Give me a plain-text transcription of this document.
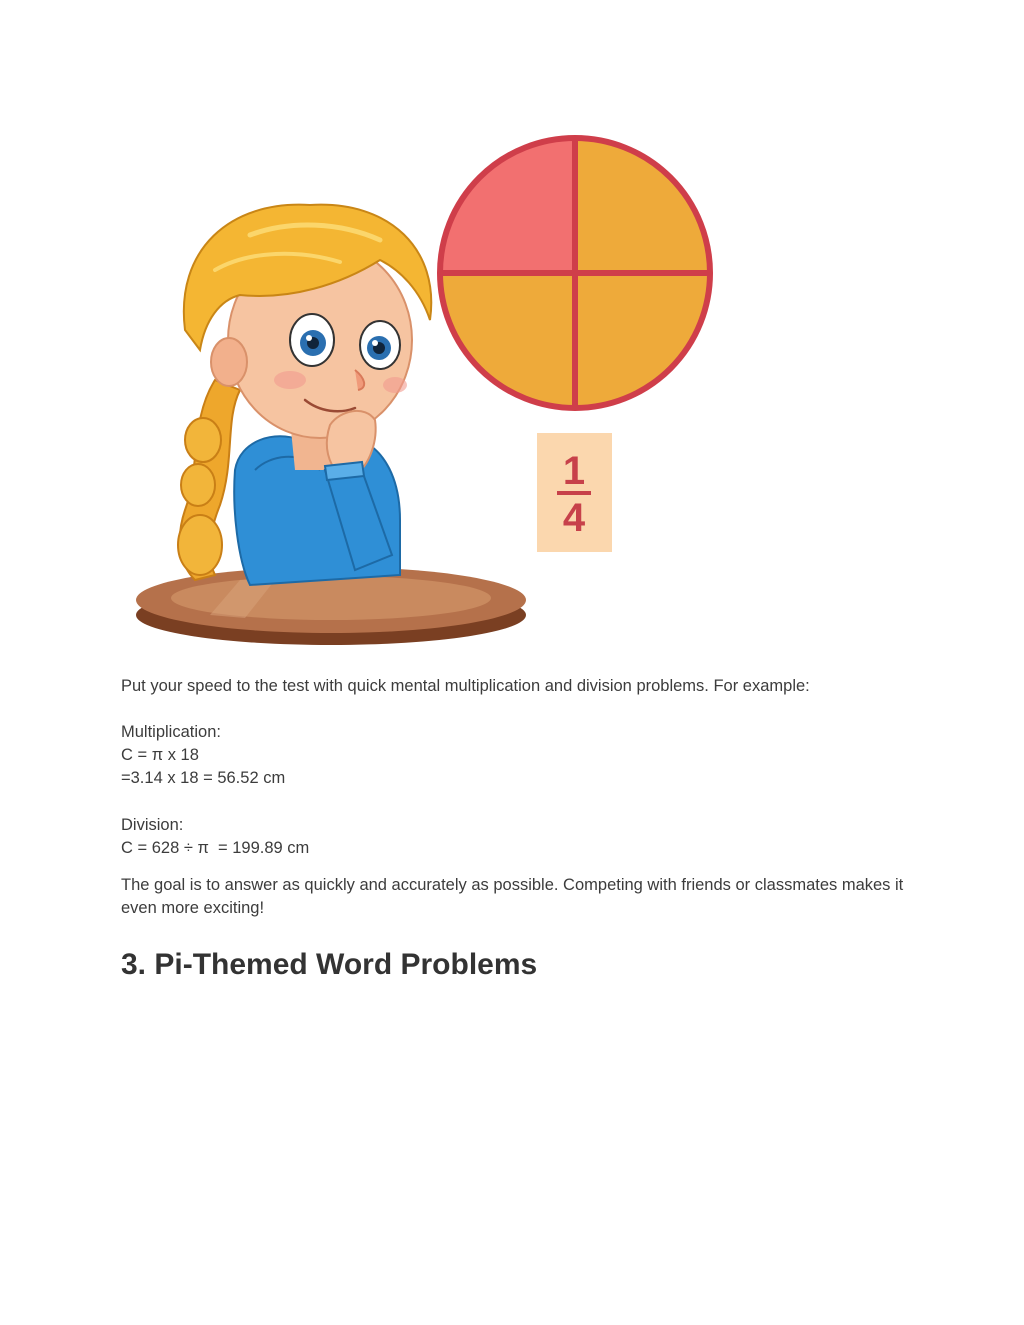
1
4

Put your speed to the test with quick mental multiplication and division problems. For example:

Multiplication:

C = π x 18

=3.14 x 18 = 56.52 cm

Division:

C = 628 ÷ π  = 199.89 cm

The goal is to answer as quickly and accurately as possible. Competing with friends or classmates makes it even more exciting!

3. Pi-Themed Word Problems
